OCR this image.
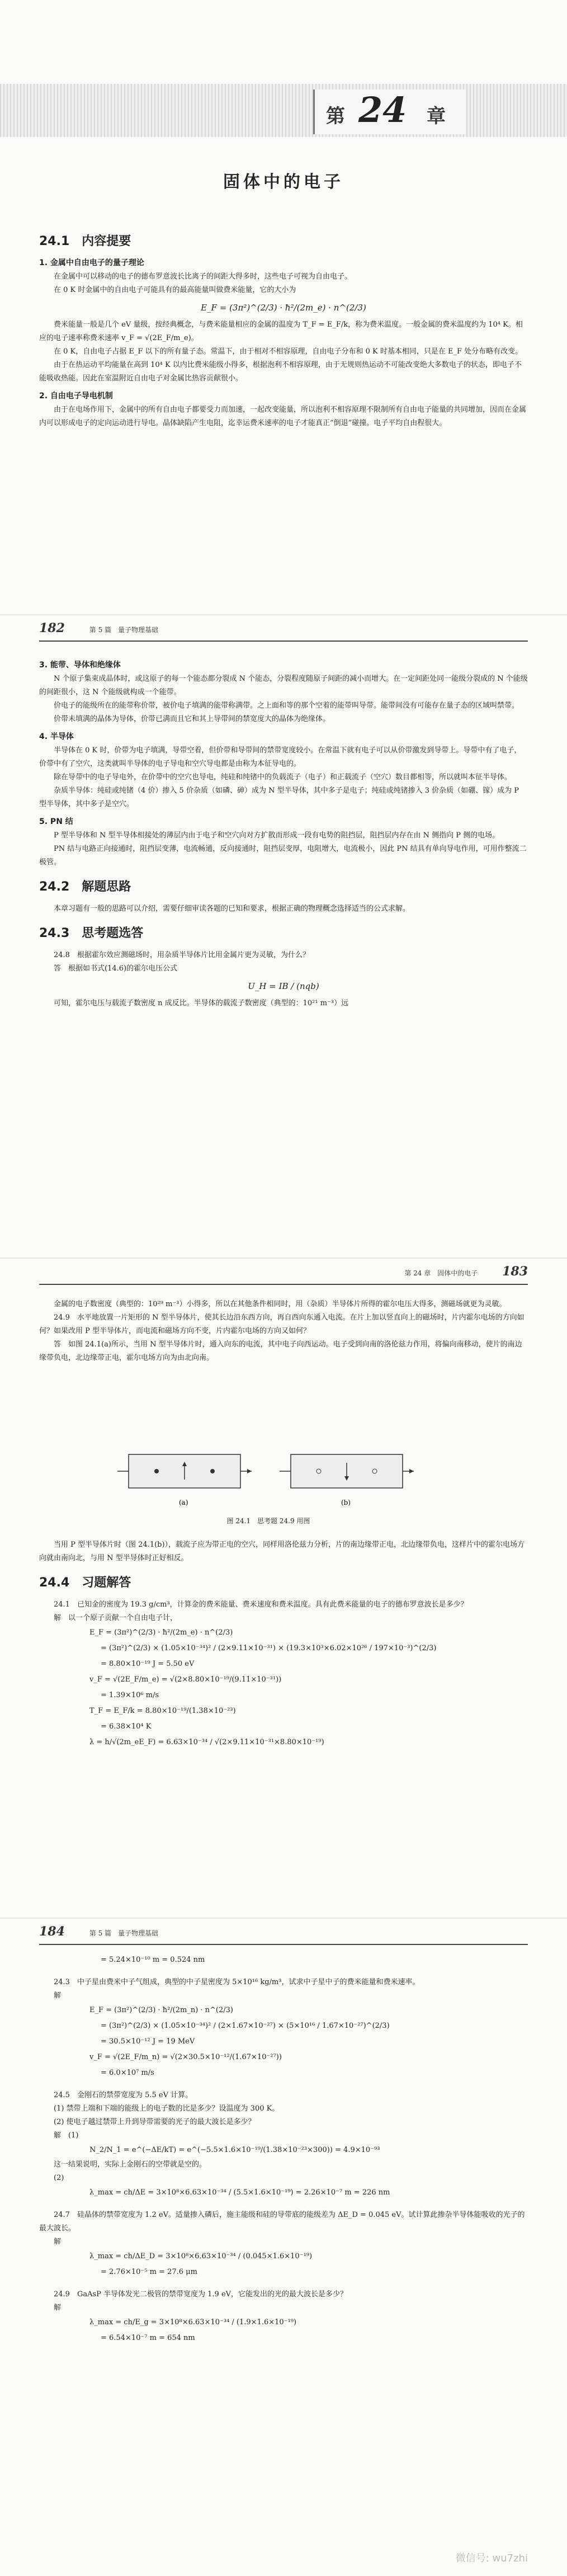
第 24 章
固体中的电子
24.1　内容提要
1. 金属中自由电子的量子理论

在金属中可以移动的电子的德布罗意波长比离子的间距大得多时，这些电子可视为自由电子。

在 0 K 时金属中的自由电子可能具有的最高能量叫做费米能量，它的大小为

E_F = (3π²)^(2/3) · ħ²/(2m_e) · n^(2/3)

费米能量一般是几个 eV 量级，按经典概念，与费米能量相应的金属的温度为 T_F = E_F/k，称为费米温度。一般金属的费米温度约为 10⁴ K。相应的电子速率称费米速率 v_F = √(2E_F/m_e)。

在 0 K，自由电子占据 E_F 以下的所有量子态。常温下，由于相对不相容原理，自由电子分布和 0 K 时基本相同，只是在 E_F 处分布略有改变。

由于在热运动平均能量在高到 10⁴ K 以内比费米能级小得多，根据泡利不相容原理，由于无规则热运动不可能改变绝大多数电子的状态，即电子不能吸收热能。因此在室温附近自由电子对金属比热容贡献很小。

2. 自由电子导电机制

由于在电场作用下，金属中的所有自由电子都要受力而加速，一起改变能量，所以泡利不相容原理不限制所有自由电子能量的共同增加，因而在金属内可以形成电子的定向运动进行导电。晶体缺陷产生电阻，迄幸运费米速率的电子才能真正“倒退”碰撞。电子平均自由程很大。

182	第 5 篇　量子物理基础
3. 能带、导体和绝缘体

N 个原子集束成晶体时，或这原子的每一个能态都分裂成 N 个能态，分裂程度随原子间距的减小而增大。在一定间距处同一能级分裂成的 N 个能级的间距很小，这 N 个能级就构成一个能带。

价电子的能级所在的能带称价带，被价电子填满的能带称满带。之上面和等的那个空着的能带叫导带。能带间没有可能存在量子态的区域叫禁带。

价带未填满的晶体为导体，价带已满而且它和其上导带间的禁宽度大的晶体为绝缘体。

4. 半导体

半导体在 0 K 时，价带为电子填满，导带空着，但价带和导带间的禁带宽度较小。在常温下就有电子可以从价带激发到导带上。导带中有了电子，价带中有了空穴，这类就叫半导体的电子导电和空穴导电都是由称为本征导电的。

除在导带中的电子导电外，在价带中的空穴也导电，纯硅和纯锗中的负载流子（电子）和正载流子（空穴）数目都相等，所以就叫本征半导体。

杂质半导体：纯硅或纯锗（4 价）掺入 5 价杂质（如磷、砷）成为 N 型半导体，其中多子是电子；纯硅或纯锗掺入 3 价杂质（如硼、镓）成为 P 型半导体，其中多子是空穴。

5. PN 结

P 型半导体和 N 型半导体相接处的薄层内由于电子和空穴向对方扩散而形成一段有电势的阻挡层，阻挡层内存在由 N 侧指向 P 侧的电场。

PN 结与电路正向接通时，阻挡层变薄，电流畅通，反向接通时，阻挡层变厚，电阻增大，电流极小，因此 PN 结具有单向导电作用，可用作整流二极管。

24.2　解题思路

本章习题有一般的思路可以介绍，需要仔细审读各题的已知和要求，根据正确的物理概念选择适当的公式求解。

24.3　思考题选答

24.8　根据霍尔效应测磁场时，用杂质半导体片比用金属片更为灵敏，为什么？

答　根据如书式(14.6)的霍尔电压公式

U_H = IB / (nqb)

可知，霍尔电压与载流子数密度 n 成反比。半导体的载流子数密度（典型的：10²¹ m⁻³）远

第 24 章　固体中的电子 183

金属的电子数密度（典型的：10²⁹ m⁻³）小得多，所以在其他条件相同时，用（杂质）半导体片所得的霍尔电压大得多，测磁场就更为灵敏。

24.9　水平地放置一片矩形的 N 型半导体片，使其长边沿东西方向，再自西向东通入电流。在片上加以竖直向上的磁场时，片内霍尔电场的方向如何？如果改用 P 型半导体片，而电流和磁场方向不变，片内霍尔电场的方向又如何？

答　如图 24.1(a)所示，当用 N 型半导体片时，通入向东的电流，其中电子向西运动。电子受到向南的洛伦兹力作用，将偏向南移动，使片的南边缘带负电，北边缘带正电，霍尔电场方向为由北向南。

(a)	(b)
图 24.1　思考题 24.9 用图

当用 P 型半导体片时（图 24.1(b)），载流子应为带正电的空穴，同样用洛伦兹力分析，片的南边缘带正电，北边缘带负电，这样片中的霍尔电场方向就由南向北，与用 N 型半导体时正好相反。

24.4　习题解答

24.1　已知金的密度为 19.3 g/cm³，计算金的费米能量、费米速度和费米温度。具有此费米能量的电子的德布罗意波长是多少？

解　以一个原子贡献一个自由电子计，

E_F = (3π²)^(2/3) · ħ²/(2m_e) · n^(2/3)
= (3π²)^(2/3) × (1.05×10⁻³⁴)² / (2×9.11×10⁻³¹) × (19.3×10³×6.02×10²⁶ / 197×10⁻³)^(2/3)
= 8.80×10⁻¹⁹ J = 5.50 eV
v_F = √(2E_F/m_e) = √(2×8.80×10⁻¹⁹/(9.11×10⁻³¹))
= 1.39×10⁶ m/s
T_F = E_F/k = 8.80×10⁻¹⁹/(1.38×10⁻²³)
= 6.38×10⁴ K
λ = h/√(2m_eE_F) = 6.63×10⁻³⁴ / √(2×9.11×10⁻³¹×8.80×10⁻¹⁹)
184	第 5 篇　量子物理基础
= 5.24×10⁻¹⁰ m = 0.524 nm

24.3　中子星由费米中子气组成，典型的中子星密度为 5×10¹⁶ kg/m³，试求中子星中子的费米能量和费米速率。

解

E_F = (3π²)^(2/3) · ħ²/(2m_n) · n^(2/3)
= (3π²)^(2/3) × (1.05×10⁻³⁴)² / (2×1.67×10⁻²⁷) × (5×10¹⁶ / 1.67×10⁻²⁷)^(2/3)
= 30.5×10⁻¹² J = 19 MeV
v_F = √(2E_F/m_n) = √(2×30.5×10⁻¹²/(1.67×10⁻²⁷))
= 6.0×10⁷ m/s

24.5　金刚石的禁带宽度为 5.5 eV 计算。

(1) 禁带上端和下端的能级上的电子数的比是多少？设温度为 300 K。

(2) 使电子越过禁带上升到导带需要的光子的最大波长是多少？

解　(1)

N_2/N_1 = e^(−ΔE/kT) = e^(−5.5×1.6×10⁻¹⁹/(1.38×10⁻²³×300)) = 4.9×10⁻⁹³

这一结果说明，实际上金刚石的空带就是空的。

(2)

λ_max = ch/ΔE = 3×10⁸×6.63×10⁻³⁴ / (5.5×1.6×10⁻¹⁹) = 2.26×10⁻⁷ m = 226 nm

24.7　硅晶体的禁带宽度为 1.2 eV。适量掺入磷后，施主能级和硅的导带底的能级差为 ΔE_D = 0.045 eV。试计算此掺杂半导体能吸收的光子的最大波长。

解

λ_max = ch/ΔE_D = 3×10⁸×6.63×10⁻³⁴ / (0.045×1.6×10⁻¹⁹)
= 2.76×10⁻⁵ m = 27.6 μm

24.9　GaAsP 半导体发光二极管的禁带宽度为 1.9 eV，它能发出的光的最大波长是多少？

解

λ_max = ch/E_g = 3×10⁸×6.63×10⁻³⁴ / (1.9×1.6×10⁻¹⁹)
= 6.54×10⁻⁷ m = 654 nm
微信号: wu7zhi
